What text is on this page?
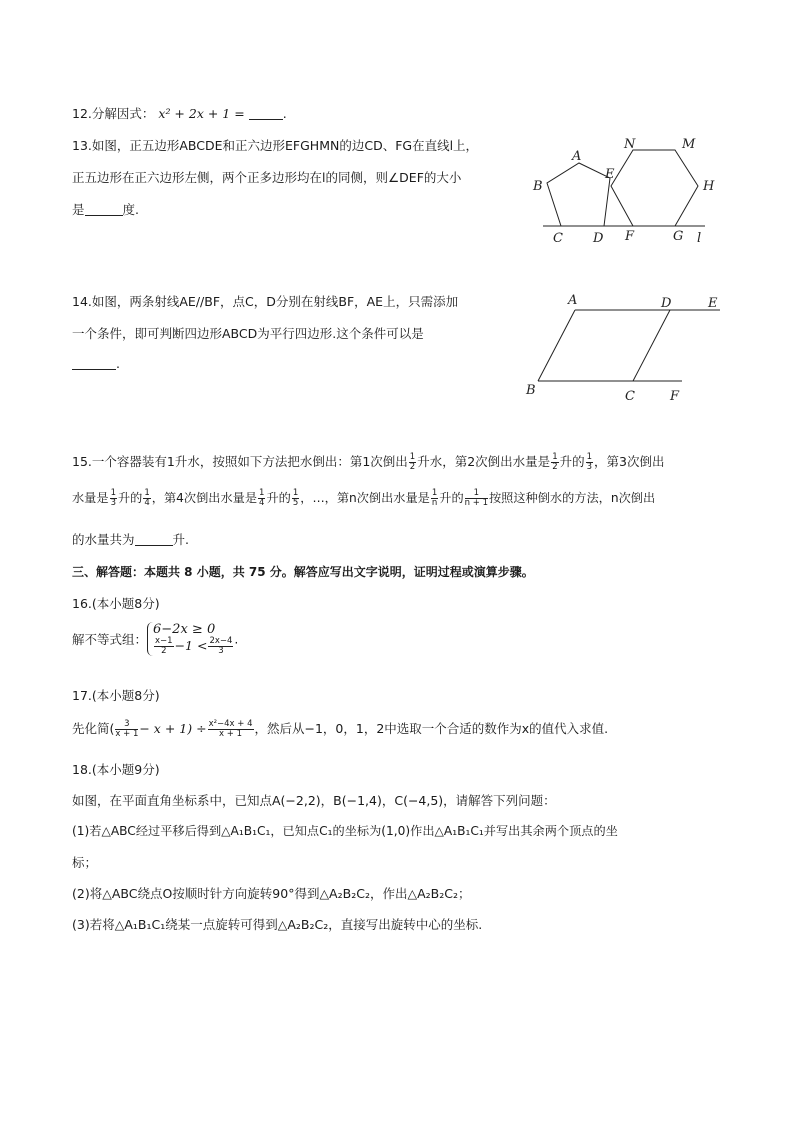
12.分解因式： x² + 2x + 1 =	.
13.如图，正五边形ABCDE和正六边形EFGHMN的边CD、FG在直线l上，
正五边形在正六边形左侧，两个正多边形均在l的同侧，则∠DEF的大小
是	度.
A
B
C D
E
F	G
H
M
N
l
14.如图，两条射线AE//BF，点C，D分别在射线BF，AE上，只需添加
一个条件，即可判断四边形ABCD为平行四边形.这个条件可以是
.
A	D	E
B	C	F
15.一个容器装有1升水，按照如下方法把水倒出：第1次倒出 $\frac{1}{2}$ 升水，第2次倒出水量是 $\frac{1}{2}$ 升的 $\frac{1}{3}$ ，第3次倒出
水量是 $\frac{1}{3}$ 升的 $\frac{1}{4}$ ，第4次倒出水量是 $\frac{1}{4}$ 升的 $\frac{1}{5}$ ，…，第n次倒出水量是 $\frac{1}{n}$ 升的 $\frac{1}{n + 1}$ 按照这种倒水的方法，n次倒出
的水量共为	升.
三、解答题：本题共 8 小题，共 75 分。解答应写出文字说明，证明过程或演算步骤。
16.(本小题8分)
解不等式组：
6−2x ≥ 0
$\frac{x-1}{2} -1 < \frac{2x-4}{3}$ .
17.(本小题8分)
先化简( $\frac{3}{x + 1} - x + 1) \div \frac{\text{x²−4x + 4}}{x + 1}$ ，然后从−1，0，1，2中选取一个合适的数作为x的值代入求值.
18.(本小题9分)
如图，在平面直角坐标系中，已知点A(−2,2)，B(−1,4)，C(−4,5)，请解答下列问题：
(1)若△ABC经过平移后得到△A₁B₁C₁，已知点C₁的坐标为(1,0)作出△A₁B₁C₁并写出其余两个顶点的坐
标；
(2)将△ABC绕点O按顺时针方向旋转90°得到△A₂B₂C₂，作出△A₂B₂C₂；
(3)若将△A₁B₁C₁绕某一点旋转可得到△A₂B₂C₂，直接写出旋转中心的坐标.
